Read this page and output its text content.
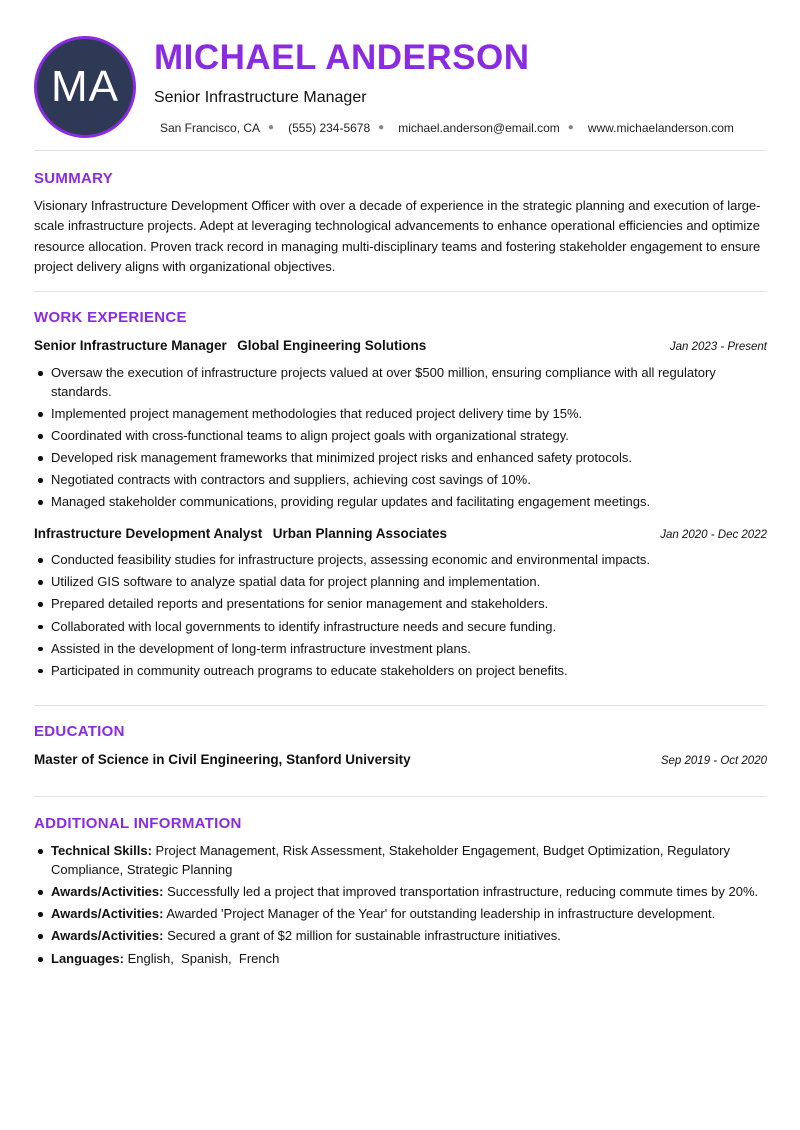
MA
MICHAEL ANDERSON
Senior Infrastructure Manager
San Francisco, CA ● (555) 234-5678 ● michael.anderson@email.com ● www.michaelanderson.com
SUMMARY

Visionary Infrastructure Development Officer with over a decade of experience in the strategic planning and execution of large-scale infrastructure projects. Adept at leveraging technological advancements to enhance operational efficiencies and optimize resource allocation. Proven track record in managing multi-disciplinary teams and fostering stakeholder engagement to ensure project delivery aligns with organizational objectives.

WORK EXPERIENCE
Senior Infrastructure Manager Global Engineering Solutions	Jan 2023 - Present
Oversaw the execution of infrastructure projects valued at over $500 million, ensuring compliance with all regulatory standards.
Implemented project management methodologies that reduced project delivery time by 15%.
Coordinated with cross-functional teams to align project goals with organizational strategy.
Developed risk management frameworks that minimized project risks and enhanced safety protocols.
Negotiated contracts with contractors and suppliers, achieving cost savings of 10%.
Managed stakeholder communications, providing regular updates and facilitating engagement meetings.
Infrastructure Development Analyst Urban Planning Associates	Jan 2020 - Dec 2022
Conducted feasibility studies for infrastructure projects, assessing economic and environmental impacts.
Utilized GIS software to analyze spatial data for project planning and implementation.
Prepared detailed reports and presentations for senior management and stakeholders.
Collaborated with local governments to identify infrastructure needs and secure funding.
Assisted in the development of long-term infrastructure investment plans.
Participated in community outreach programs to educate stakeholders on project benefits.
EDUCATION
Master of Science in Civil Engineering, Stanford University	Sep 2019 - Oct 2020
ADDITIONAL INFORMATION
Technical Skills: Project Management, Risk Assessment, Stakeholder Engagement, Budget Optimization, Regulatory Compliance, Strategic Planning
Awards/Activities: Successfully led a project that improved transportation infrastructure, reducing commute times by 20%.
Awards/Activities: Awarded 'Project Manager of the Year' for outstanding leadership in infrastructure development.
Awards/Activities: Secured a grant of $2 million for sustainable infrastructure initiatives.
Languages: English,  Spanish,  French
